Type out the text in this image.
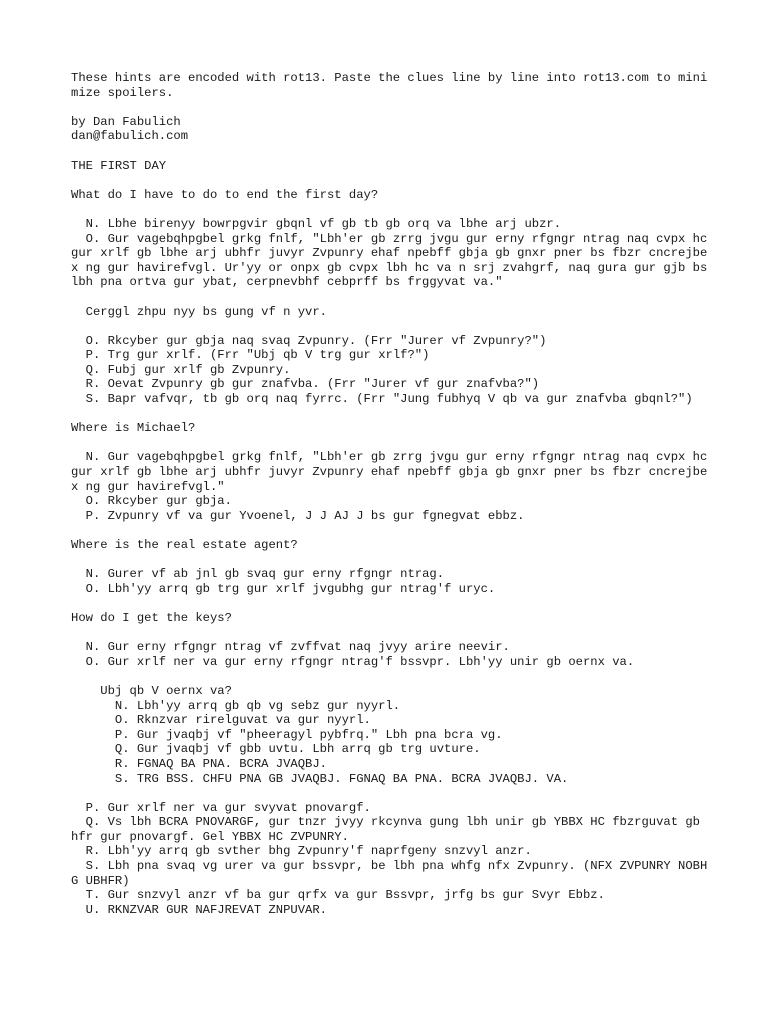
These hints are encoded with rot13. Paste the clues line by line into rot13.com to minimize spoilers.
by Dan Fabulich
dan@fabulich.com
THE FIRST DAY
What do I have to do to end the first day?
N. Lbhe birenyy bowrpgvir gbqnl vf gb tb gb orq va lbhe arj ubzr.
O. Gur vagebqhpgbel grkg fnlf, "Lbh'er gb zrrg jvgu gur erny rfgngr ntrag naq cvpx hc gur xrlf gb lbhe arj ubhfr juvyr Zvpunry ehaf npebff gbja gb gnxr pner bs fbzr cncrejbex ng gur havirefvgl. Ur'yy or onpx gb cvpx lbh hc va n srj zvahgrf, naq gura gur gjb bs lbh pna ortva gur ybat, cerpnevbhf cebprff bs frggyvat va."
Cerggl zhpu nyy bs gung vf n yvr.
O. Rkcyber gur gbja naq svaq Zvpunry. (Frr "Jurer vf Zvpunry?")
P. Trg gur xrlf. (Frr "Ubj qb V trg gur xrlf?")
Q. Fubj gur xrlf gb Zvpunry.
R. Oevat Zvpunry gb gur znafvba. (Frr "Jurer vf gur znafvba?")
S. Bapr vafvqr, tb gb orq naq fyrrc. (Frr "Jung fubhyq V qb va gur znafvba gbqnl?")
Where is Michael?
N. Gur vagebqhpgbel grkg fnlf, "Lbh'er gb zrrg jvgu gur erny rfgngr ntrag naq cvpx hc gur xrlf gb lbhe arj ubhfr juvyr Zvpunry ehaf npebff gbja gb gnxr pner bs fbzr cncrejbex ng gur havirefvgl."
O. Rkcyber gur gbja.
P. Zvpunry vf va gur Yvoenel, J J AJ J bs gur fgnegvat ebbz.
Where is the real estate agent?
N. Gurer vf ab jnl gb svaq gur erny rfgngr ntrag.
O. Lbh'yy arrq gb trg gur xrlf jvgubhg gur ntrag'f uryc.
How do I get the keys?
N. Gur erny rfgngr ntrag vf zvffvat naq jvyy arire neevir.
O. Gur xrlf ner va gur erny rfgngr ntrag'f bssvpr. Lbh'yy unir gb oernx va.
Ubj qb V oernx va?
N. Lbh'yy arrq gb qb vg sebz gur nyyrl.
O. Rknzvar rirelguvat va gur nyyrl.
P. Gur jvaqbj vf "pheeragyl pybfrq." Lbh pna bcra vg.
Q. Gur jvaqbj vf gbb uvtu. Lbh arrq gb trg uvture.
R. FGNAQ BA PNA. BCRA JVAQBJ.
S. TRG BSS. CHFU PNA GB JVAQBJ. FGNAQ BA PNA. BCRA JVAQBJ. VA.
P. Gur xrlf ner va gur svyvat pnovargf.
Q. Vs lbh BCRA PNOVARGF, gur tnzr jvyy rkcynva gung lbh unir gb YBBX HC fbzrguvat gb hfr gur pnovargf. Gel YBBX HC ZVPUNRY.
R. Lbh'yy arrq gb svther bhg Zvpunry'f naprfgeny snzvyl anzr.
S. Lbh pna svaq vg urer va gur bssvpr, be lbh pna whfg nfx Zvpunry. (NFX ZVPUNRY NOBHG UBHFR)
T. Gur snzvyl anzr vf ba gur qrfx va gur Bssvpr, jrfg bs gur Svyr Ebbz.
U. RKNZVAR GUR NAFJREVAT ZNPUVAR.
